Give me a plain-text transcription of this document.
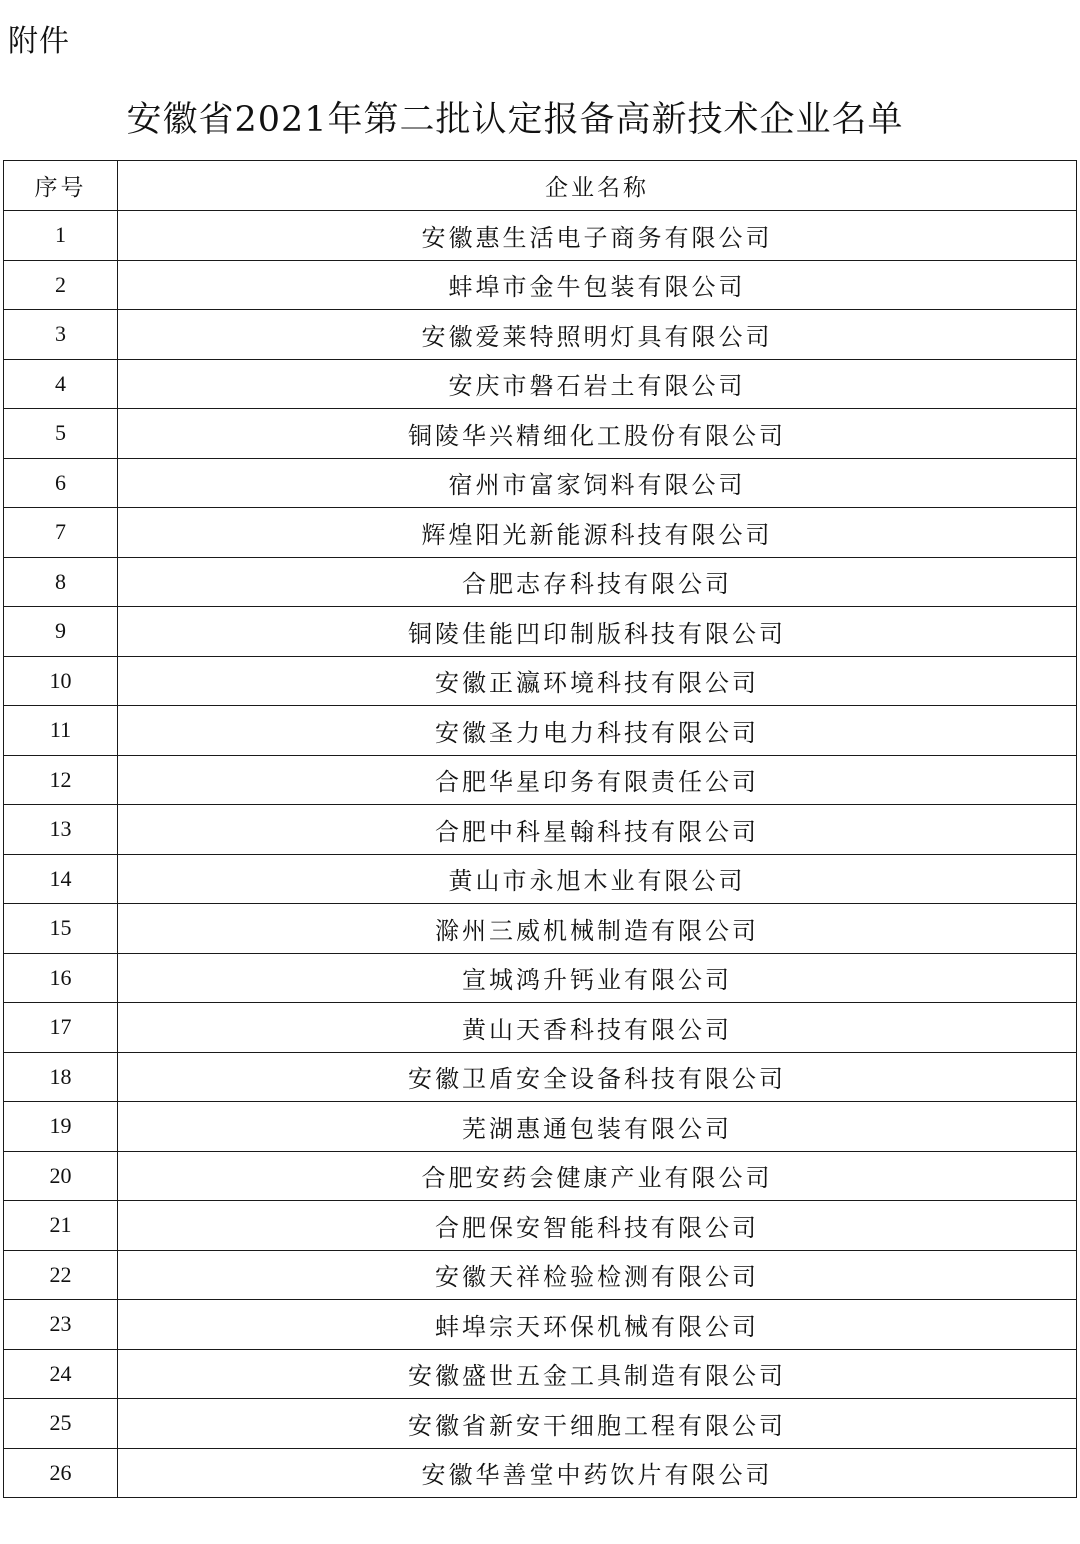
附件
安徽省2021年第二批认定报备高新技术企业名单
序号	企业名称
1	安徽惠生活电子商务有限公司
2	蚌埠市金牛包装有限公司
3	安徽爱莱特照明灯具有限公司
4	安庆市磐石岩土有限公司
5	铜陵华兴精细化工股份有限公司
6	宿州市富家饲料有限公司
7	辉煌阳光新能源科技有限公司
8	合肥志存科技有限公司
9	铜陵佳能凹印制版科技有限公司
10	安徽正瀛环境科技有限公司
11	安徽圣力电力科技有限公司
12	合肥华星印务有限责任公司
13	合肥中科星翰科技有限公司
14	黄山市永旭木业有限公司
15	滁州三威机械制造有限公司
16	宣城鸿升钙业有限公司
17	黄山天香科技有限公司
18	安徽卫盾安全设备科技有限公司
19	芜湖惠通包装有限公司
20	合肥安药会健康产业有限公司
21	合肥保安智能科技有限公司
22	安徽天祥检验检测有限公司
23	蚌埠宗天环保机械有限公司
24	安徽盛世五金工具制造有限公司
25	安徽省新安干细胞工程有限公司
26	安徽华善堂中药饮片有限公司
